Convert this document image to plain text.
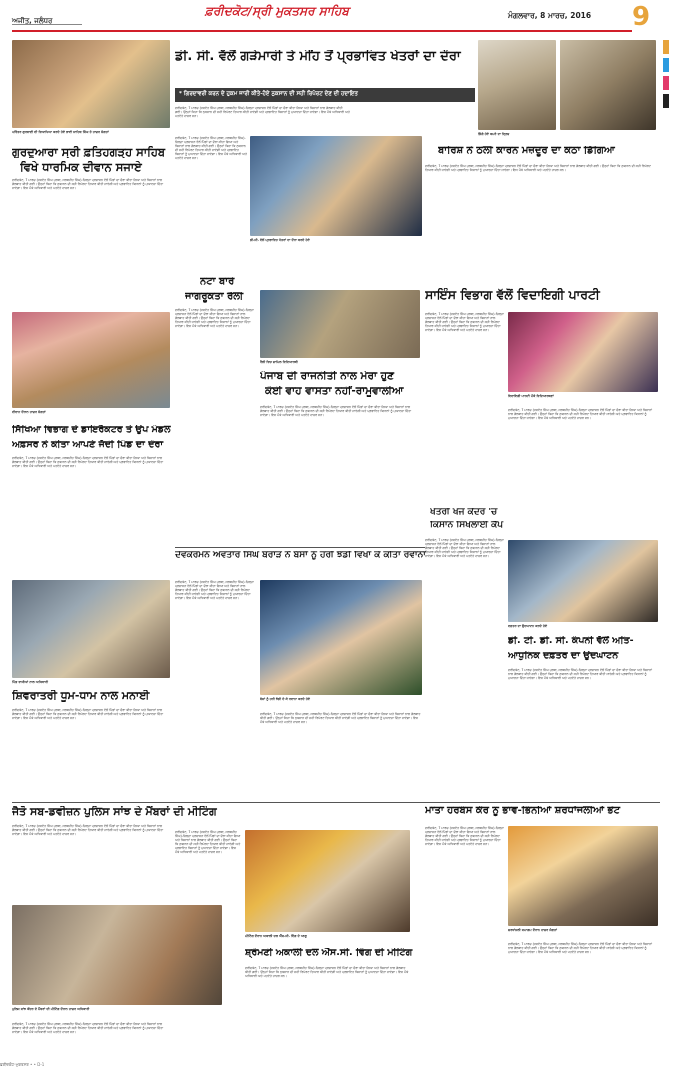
ਅਜੀਤ, ਜਲੰਧਰ
ਫ਼ਰੀਦਕੋਟ/ਸ੍ਰੀ ਮੁਕਤਸਰ ਸਾਹਿਬ	ਮੰਗਲਵਾਰ, 8 ਮਾਰਚ, 2016 9
ਪਵਿੱਤਰ ਗੁਰਬਾਣੀ ਦੀ ਵਿਆਖਿਆ ਕਰਦੇ ਹੋਏ ਭਾਈ ਸਾਹਿਬ ਸਿੰਘ ਤੇ ਹਾਜ਼ਰ ਸੰਗਤਾਂ
ਗੁਰਦੁਆਰਾ ਸ੍ਰੀ ਫ਼ਤਿਹਗੜ੍ਹ ਸਾਹਿਬ
ਵਿਖੇ ਧਾਰਮਿਕ ਦੀਵਾਨ ਸਜਾਏ

ਫ਼ਰੀਦਕੋਟ, 7 ਮਾਰਚ (ਜਸਵੰਤ ਸਿੰਘ ਪੁਰਬਾ, ਸਰਬਜੀਤ ਸਿੰਘ)-ਜ਼ਿਲ੍ਹਾ ਪ੍ਰਸ਼ਾਸਨ ਵੱਲੋਂ ਪਿੰਡਾਂ ਦਾ ਦੌਰਾ ਕੀਤਾ ਗਿਆ ਅਤੇ ਕਿਸਾਨਾਂ ਨਾਲ ਗੱਲਬਾਤ ਕੀਤੀ ਗਈ। ਉਨ੍ਹਾਂ ਕਿਹਾ ਕਿ ਨੁਕਸਾਨ ਦੀ ਸਹੀ ਰਿਪੋਰਟ ਤਿਆਰ ਕੀਤੀ ਜਾਵੇਗੀ ਅਤੇ ਪ੍ਰਭਾਵਿਤ ਕਿਸਾਨਾਂ ਨੂੰ ਮੁਆਵਜ਼ਾ ਦਿੱਤਾ ਜਾਵੇਗਾ। ਇਸ ਮੌਕੇ ਅਧਿਕਾਰੀ ਅਤੇ ਪਤਵੰਤੇ ਹਾਜ਼ਰ ਸਨ।

ਦੀਵਾਨ ਦੌਰਾਨ ਹਾਜ਼ਰ ਸੰਗਤਾਂ
ਸਿੱਖਿਆ ਵਿਭਾਗ ਦੇ ਡਾਇਰੈਕਟਰ ਤੇ ਉਪ ਮੰਡਲ
ਅਫ਼ਸਰ ਨੇ ਕੀਤਾ ਆਪਣੇ ਜੱਦੀ ਪਿੰਡ ਦਾ ਦੌਰਾ

ਫ਼ਰੀਦਕੋਟ, 7 ਮਾਰਚ (ਜਸਵੰਤ ਸਿੰਘ ਪੁਰਬਾ, ਸਰਬਜੀਤ ਸਿੰਘ)-ਜ਼ਿਲ੍ਹਾ ਪ੍ਰਸ਼ਾਸਨ ਵੱਲੋਂ ਪਿੰਡਾਂ ਦਾ ਦੌਰਾ ਕੀਤਾ ਗਿਆ ਅਤੇ ਕਿਸਾਨਾਂ ਨਾਲ ਗੱਲਬਾਤ ਕੀਤੀ ਗਈ। ਉਨ੍ਹਾਂ ਕਿਹਾ ਕਿ ਨੁਕਸਾਨ ਦੀ ਸਹੀ ਰਿਪੋਰਟ ਤਿਆਰ ਕੀਤੀ ਜਾਵੇਗੀ ਅਤੇ ਪ੍ਰਭਾਵਿਤ ਕਿਸਾਨਾਂ ਨੂੰ ਮੁਆਵਜ਼ਾ ਦਿੱਤਾ ਜਾਵੇਗਾ। ਇਸ ਮੌਕੇ ਅਧਿਕਾਰੀ ਅਤੇ ਪਤਵੰਤੇ ਹਾਜ਼ਰ ਸਨ।

ਪਿੰਡ ਵਾਸੀਆਂ ਨਾਲ ਅਧਿਕਾਰੀ
ਸ਼ਿਵਰਾਤਰੀ ਧੂਮ-ਧਾਮ ਨਾਲ ਮਨਾਈ

ਫ਼ਰੀਦਕੋਟ, 7 ਮਾਰਚ (ਜਸਵੰਤ ਸਿੰਘ ਪੁਰਬਾ, ਸਰਬਜੀਤ ਸਿੰਘ)-ਜ਼ਿਲ੍ਹਾ ਪ੍ਰਸ਼ਾਸਨ ਵੱਲੋਂ ਪਿੰਡਾਂ ਦਾ ਦੌਰਾ ਕੀਤਾ ਗਿਆ ਅਤੇ ਕਿਸਾਨਾਂ ਨਾਲ ਗੱਲਬਾਤ ਕੀਤੀ ਗਈ। ਉਨ੍ਹਾਂ ਕਿਹਾ ਕਿ ਨੁਕਸਾਨ ਦੀ ਸਹੀ ਰਿਪੋਰਟ ਤਿਆਰ ਕੀਤੀ ਜਾਵੇਗੀ ਅਤੇ ਪ੍ਰਭਾਵਿਤ ਕਿਸਾਨਾਂ ਨੂੰ ਮੁਆਵਜ਼ਾ ਦਿੱਤਾ ਜਾਵੇਗਾ। ਇਸ ਮੌਕੇ ਅਧਿਕਾਰੀ ਅਤੇ ਪਤਵੰਤੇ ਹਾਜ਼ਰ ਸਨ।

ਜੈਤੋ ਸਬ-ਡਵੀਜ਼ਨ ਪੁਲਿਸ ਸਾਂਝ ਦੇ ਮੈਂਬਰਾਂ ਦੀ ਮੀਟਿੰਗ

ਫ਼ਰੀਦਕੋਟ, 7 ਮਾਰਚ (ਜਸਵੰਤ ਸਿੰਘ ਪੁਰਬਾ, ਸਰਬਜੀਤ ਸਿੰਘ)-ਜ਼ਿਲ੍ਹਾ ਪ੍ਰਸ਼ਾਸਨ ਵੱਲੋਂ ਪਿੰਡਾਂ ਦਾ ਦੌਰਾ ਕੀਤਾ ਗਿਆ ਅਤੇ ਕਿਸਾਨਾਂ ਨਾਲ ਗੱਲਬਾਤ ਕੀਤੀ ਗਈ। ਉਨ੍ਹਾਂ ਕਿਹਾ ਕਿ ਨੁਕਸਾਨ ਦੀ ਸਹੀ ਰਿਪੋਰਟ ਤਿਆਰ ਕੀਤੀ ਜਾਵੇਗੀ ਅਤੇ ਪ੍ਰਭਾਵਿਤ ਕਿਸਾਨਾਂ ਨੂੰ ਮੁਆਵਜ਼ਾ ਦਿੱਤਾ ਜਾਵੇਗਾ। ਇਸ ਮੌਕੇ ਅਧਿਕਾਰੀ ਅਤੇ ਪਤਵੰਤੇ ਹਾਜ਼ਰ ਸਨ।

ਪੁਲਿਸ ਸਾਂਝ ਕੇਂਦਰ ਦੇ ਮੈਂਬਰਾਂ ਦੀ ਮੀਟਿੰਗ ਦੌਰਾਨ ਹਾਜ਼ਰ ਅਧਿਕਾਰੀ

ਫ਼ਰੀਦਕੋਟ, 7 ਮਾਰਚ (ਜਸਵੰਤ ਸਿੰਘ ਪੁਰਬਾ, ਸਰਬਜੀਤ ਸਿੰਘ)-ਜ਼ਿਲ੍ਹਾ ਪ੍ਰਸ਼ਾਸਨ ਵੱਲੋਂ ਪਿੰਡਾਂ ਦਾ ਦੌਰਾ ਕੀਤਾ ਗਿਆ ਅਤੇ ਕਿਸਾਨਾਂ ਨਾਲ ਗੱਲਬਾਤ ਕੀਤੀ ਗਈ। ਉਨ੍ਹਾਂ ਕਿਹਾ ਕਿ ਨੁਕਸਾਨ ਦੀ ਸਹੀ ਰਿਪੋਰਟ ਤਿਆਰ ਕੀਤੀ ਜਾਵੇਗੀ ਅਤੇ ਪ੍ਰਭਾਵਿਤ ਕਿਸਾਨਾਂ ਨੂੰ ਮੁਆਵਜ਼ਾ ਦਿੱਤਾ ਜਾਵੇਗਾ। ਇਸ ਮੌਕੇ ਅਧਿਕਾਰੀ ਅਤੇ ਪਤਵੰਤੇ ਹਾਜ਼ਰ ਸਨ।

ਡੀ. ਸੀ. ਵੱਲੋਂ ਗੜੇਮਾਰੀ ਤੇ ਮੀਂਹ ਤੋਂ ਪ੍ਰਭਾਵਿਤ ਖੇਤਰਾਂ ਦਾ ਦੌਰਾ
* ਗਿਰਦਾਵਰੀ ਕਰਨ ਦੇ ਹੁਕਮ ਜਾਰੀ ਕੀਤੇ-ਹੋਏ ਨੁਕਸਾਨ ਦੀ ਸਹੀ ਰਿਪੋਰਟ ਦੇਣ ਦੀ ਹਦਾਇਤ

ਫ਼ਰੀਦਕੋਟ, 7 ਮਾਰਚ (ਜਸਵੰਤ ਸਿੰਘ ਪੁਰਬਾ, ਸਰਬਜੀਤ ਸਿੰਘ)-ਜ਼ਿਲ੍ਹਾ ਪ੍ਰਸ਼ਾਸਨ ਵੱਲੋਂ ਪਿੰਡਾਂ ਦਾ ਦੌਰਾ ਕੀਤਾ ਗਿਆ ਅਤੇ ਕਿਸਾਨਾਂ ਨਾਲ ਗੱਲਬਾਤ ਕੀਤੀ ਗਈ। ਉਨ੍ਹਾਂ ਕਿਹਾ ਕਿ ਨੁਕਸਾਨ ਦੀ ਸਹੀ ਰਿਪੋਰਟ ਤਿਆਰ ਕੀਤੀ ਜਾਵੇਗੀ ਅਤੇ ਪ੍ਰਭਾਵਿਤ ਕਿਸਾਨਾਂ ਨੂੰ ਮੁਆਵਜ਼ਾ ਦਿੱਤਾ ਜਾਵੇਗਾ। ਇਸ ਮੌਕੇ ਅਧਿਕਾਰੀ ਅਤੇ ਪਤਵੰਤੇ ਹਾਜ਼ਰ ਸਨ।

ਫ਼ਰੀਦਕੋਟ, 7 ਮਾਰਚ (ਜਸਵੰਤ ਸਿੰਘ ਪੁਰਬਾ, ਸਰਬਜੀਤ ਸਿੰਘ)-ਜ਼ਿਲ੍ਹਾ ਪ੍ਰਸ਼ਾਸਨ ਵੱਲੋਂ ਪਿੰਡਾਂ ਦਾ ਦੌਰਾ ਕੀਤਾ ਗਿਆ ਅਤੇ ਕਿਸਾਨਾਂ ਨਾਲ ਗੱਲਬਾਤ ਕੀਤੀ ਗਈ। ਉਨ੍ਹਾਂ ਕਿਹਾ ਕਿ ਨੁਕਸਾਨ ਦੀ ਸਹੀ ਰਿਪੋਰਟ ਤਿਆਰ ਕੀਤੀ ਜਾਵੇਗੀ ਅਤੇ ਪ੍ਰਭਾਵਿਤ ਕਿਸਾਨਾਂ ਨੂੰ ਮੁਆਵਜ਼ਾ ਦਿੱਤਾ ਜਾਵੇਗਾ। ਇਸ ਮੌਕੇ ਅਧਿਕਾਰੀ ਅਤੇ ਪਤਵੰਤੇ ਹਾਜ਼ਰ ਸਨ।

ਡੀ.ਸੀ. ਵੱਲੋਂ ਪ੍ਰਭਾਵਿਤ ਖੇਤਰਾਂ ਦਾ ਦੌਰਾ ਕਰਦੇ ਹੋਏ
ਨੋਟਾ ਬਾਰੇ
ਜਾਗਰੂਕਤਾ ਰੈਲੀ

ਫ਼ਰੀਦਕੋਟ, 7 ਮਾਰਚ (ਜਸਵੰਤ ਸਿੰਘ ਪੁਰਬਾ, ਸਰਬਜੀਤ ਸਿੰਘ)-ਜ਼ਿਲ੍ਹਾ ਪ੍ਰਸ਼ਾਸਨ ਵੱਲੋਂ ਪਿੰਡਾਂ ਦਾ ਦੌਰਾ ਕੀਤਾ ਗਿਆ ਅਤੇ ਕਿਸਾਨਾਂ ਨਾਲ ਗੱਲਬਾਤ ਕੀਤੀ ਗਈ। ਉਨ੍ਹਾਂ ਕਿਹਾ ਕਿ ਨੁਕਸਾਨ ਦੀ ਸਹੀ ਰਿਪੋਰਟ ਤਿਆਰ ਕੀਤੀ ਜਾਵੇਗੀ ਅਤੇ ਪ੍ਰਭਾਵਿਤ ਕਿਸਾਨਾਂ ਨੂੰ ਮੁਆਵਜ਼ਾ ਦਿੱਤਾ ਜਾਵੇਗਾ। ਇਸ ਮੌਕੇ ਅਧਿਕਾਰੀ ਅਤੇ ਪਤਵੰਤੇ ਹਾਜ਼ਰ ਸਨ।

ਰੈਲੀ ਵਿਚ ਸ਼ਾਮਿਲ ਵਿਦਿਆਰਥੀ
ਪੰਜਾਬ ਦੀ ਰਾਜਨੀਤੀ ਨਾਲ ਮੇਰਾ ਹੁਣ
ਕੋਈ ਵਾਹ ਵਾਸਤਾ ਨਹੀਂ-ਰਾਮੂਵਾਲੀਆ

ਫ਼ਰੀਦਕੋਟ, 7 ਮਾਰਚ (ਜਸਵੰਤ ਸਿੰਘ ਪੁਰਬਾ, ਸਰਬਜੀਤ ਸਿੰਘ)-ਜ਼ਿਲ੍ਹਾ ਪ੍ਰਸ਼ਾਸਨ ਵੱਲੋਂ ਪਿੰਡਾਂ ਦਾ ਦੌਰਾ ਕੀਤਾ ਗਿਆ ਅਤੇ ਕਿਸਾਨਾਂ ਨਾਲ ਗੱਲਬਾਤ ਕੀਤੀ ਗਈ। ਉਨ੍ਹਾਂ ਕਿਹਾ ਕਿ ਨੁਕਸਾਨ ਦੀ ਸਹੀ ਰਿਪੋਰਟ ਤਿਆਰ ਕੀਤੀ ਜਾਵੇਗੀ ਅਤੇ ਪ੍ਰਭਾਵਿਤ ਕਿਸਾਨਾਂ ਨੂੰ ਮੁਆਵਜ਼ਾ ਦਿੱਤਾ ਜਾਵੇਗਾ। ਇਸ ਮੌਕੇ ਅਧਿਕਾਰੀ ਅਤੇ ਪਤਵੰਤੇ ਹਾਜ਼ਰ ਸਨ।

ਦੇਵਕਰਮਨ ਅਵਤਾਰ ਸਿੰਘ ਬਰਾੜ ਨੇ ਬੱਸਾਂ ਨੂੰ ਹਰੀ ਝੰਡੀ ਵਿਖਾ ਕੇ ਕੀਤਾ ਰਵਾਨਾ

ਫ਼ਰੀਦਕੋਟ, 7 ਮਾਰਚ (ਜਸਵੰਤ ਸਿੰਘ ਪੁਰਬਾ, ਸਰਬਜੀਤ ਸਿੰਘ)-ਜ਼ਿਲ੍ਹਾ ਪ੍ਰਸ਼ਾਸਨ ਵੱਲੋਂ ਪਿੰਡਾਂ ਦਾ ਦੌਰਾ ਕੀਤਾ ਗਿਆ ਅਤੇ ਕਿਸਾਨਾਂ ਨਾਲ ਗੱਲਬਾਤ ਕੀਤੀ ਗਈ। ਉਨ੍ਹਾਂ ਕਿਹਾ ਕਿ ਨੁਕਸਾਨ ਦੀ ਸਹੀ ਰਿਪੋਰਟ ਤਿਆਰ ਕੀਤੀ ਜਾਵੇਗੀ ਅਤੇ ਪ੍ਰਭਾਵਿਤ ਕਿਸਾਨਾਂ ਨੂੰ ਮੁਆਵਜ਼ਾ ਦਿੱਤਾ ਜਾਵੇਗਾ। ਇਸ ਮੌਕੇ ਅਧਿਕਾਰੀ ਅਤੇ ਪਤਵੰਤੇ ਹਾਜ਼ਰ ਸਨ।

ਬੱਸਾਂ ਨੂੰ ਹਰੀ ਝੰਡੀ ਦੇ ਕੇ ਰਵਾਨਾ ਕਰਦੇ ਹੋਏ

ਫ਼ਰੀਦਕੋਟ, 7 ਮਾਰਚ (ਜਸਵੰਤ ਸਿੰਘ ਪੁਰਬਾ, ਸਰਬਜੀਤ ਸਿੰਘ)-ਜ਼ਿਲ੍ਹਾ ਪ੍ਰਸ਼ਾਸਨ ਵੱਲੋਂ ਪਿੰਡਾਂ ਦਾ ਦੌਰਾ ਕੀਤਾ ਗਿਆ ਅਤੇ ਕਿਸਾਨਾਂ ਨਾਲ ਗੱਲਬਾਤ ਕੀਤੀ ਗਈ। ਉਨ੍ਹਾਂ ਕਿਹਾ ਕਿ ਨੁਕਸਾਨ ਦੀ ਸਹੀ ਰਿਪੋਰਟ ਤਿਆਰ ਕੀਤੀ ਜਾਵੇਗੀ ਅਤੇ ਪ੍ਰਭਾਵਿਤ ਕਿਸਾਨਾਂ ਨੂੰ ਮੁਆਵਜ਼ਾ ਦਿੱਤਾ ਜਾਵੇਗਾ। ਇਸ ਮੌਕੇ ਅਧਿਕਾਰੀ ਅਤੇ ਪਤਵੰਤੇ ਹਾਜ਼ਰ ਸਨ।

ਮੀਟਿੰਗ ਦੌਰਾਨ ਅਕਾਲੀ ਦਲ ਐੱਸ.ਸੀ. ਵਿੰਗ ਦੇ ਆਗੂ
ਸ਼੍ਰੋਮਣੀ ਅਕਾਲੀ ਦਲ ਐੱਸ.ਸੀ. ਵਿੰਗ ਦੀ ਮੀਟਿੰਗ

ਫ਼ਰੀਦਕੋਟ, 7 ਮਾਰਚ (ਜਸਵੰਤ ਸਿੰਘ ਪੁਰਬਾ, ਸਰਬਜੀਤ ਸਿੰਘ)-ਜ਼ਿਲ੍ਹਾ ਪ੍ਰਸ਼ਾਸਨ ਵੱਲੋਂ ਪਿੰਡਾਂ ਦਾ ਦੌਰਾ ਕੀਤਾ ਗਿਆ ਅਤੇ ਕਿਸਾਨਾਂ ਨਾਲ ਗੱਲਬਾਤ ਕੀਤੀ ਗਈ। ਉਨ੍ਹਾਂ ਕਿਹਾ ਕਿ ਨੁਕਸਾਨ ਦੀ ਸਹੀ ਰਿਪੋਰਟ ਤਿਆਰ ਕੀਤੀ ਜਾਵੇਗੀ ਅਤੇ ਪ੍ਰਭਾਵਿਤ ਕਿਸਾਨਾਂ ਨੂੰ ਮੁਆਵਜ਼ਾ ਦਿੱਤਾ ਜਾਵੇਗਾ। ਇਸ ਮੌਕੇ ਅਧਿਕਾਰੀ ਅਤੇ ਪਤਵੰਤੇ ਹਾਜ਼ਰ ਸਨ।

ਫ਼ਰੀਦਕੋਟ, 7 ਮਾਰਚ (ਜਸਵੰਤ ਸਿੰਘ ਪੁਰਬਾ, ਸਰਬਜੀਤ ਸਿੰਘ)-ਜ਼ਿਲ੍ਹਾ ਪ੍ਰਸ਼ਾਸਨ ਵੱਲੋਂ ਪਿੰਡਾਂ ਦਾ ਦੌਰਾ ਕੀਤਾ ਗਿਆ ਅਤੇ ਕਿਸਾਨਾਂ ਨਾਲ ਗੱਲਬਾਤ ਕੀਤੀ ਗਈ। ਉਨ੍ਹਾਂ ਕਿਹਾ ਕਿ ਨੁਕਸਾਨ ਦੀ ਸਹੀ ਰਿਪੋਰਟ ਤਿਆਰ ਕੀਤੀ ਜਾਵੇਗੀ ਅਤੇ ਪ੍ਰਭਾਵਿਤ ਕਿਸਾਨਾਂ ਨੂੰ ਮੁਆਵਜ਼ਾ ਦਿੱਤਾ ਜਾਵੇਗਾ। ਇਸ ਮੌਕੇ ਅਧਿਕਾਰੀ ਅਤੇ ਪਤਵੰਤੇ ਹਾਜ਼ਰ ਸਨ।

ਡਿੱਗੇ ਹੋਏ ਕਮਰੇ ਦਾ ਦ੍ਰਿਸ਼
ਬਾਰਿਸ਼ ਨੇ ਠੋਲੀ ਕਾਰਨ ਮਜ਼ਦੂਰ ਦਾ ਕੋਠਾ ਡਿੱਗਿਆ

ਫ਼ਰੀਦਕੋਟ, 7 ਮਾਰਚ (ਜਸਵੰਤ ਸਿੰਘ ਪੁਰਬਾ, ਸਰਬਜੀਤ ਸਿੰਘ)-ਜ਼ਿਲ੍ਹਾ ਪ੍ਰਸ਼ਾਸਨ ਵੱਲੋਂ ਪਿੰਡਾਂ ਦਾ ਦੌਰਾ ਕੀਤਾ ਗਿਆ ਅਤੇ ਕਿਸਾਨਾਂ ਨਾਲ ਗੱਲਬਾਤ ਕੀਤੀ ਗਈ। ਉਨ੍ਹਾਂ ਕਿਹਾ ਕਿ ਨੁਕਸਾਨ ਦੀ ਸਹੀ ਰਿਪੋਰਟ ਤਿਆਰ ਕੀਤੀ ਜਾਵੇਗੀ ਅਤੇ ਪ੍ਰਭਾਵਿਤ ਕਿਸਾਨਾਂ ਨੂੰ ਮੁਆਵਜ਼ਾ ਦਿੱਤਾ ਜਾਵੇਗਾ। ਇਸ ਮੌਕੇ ਅਧਿਕਾਰੀ ਅਤੇ ਪਤਵੰਤੇ ਹਾਜ਼ਰ ਸਨ।

ਸਾਇੰਸ ਵਿਭਾਗ ਵੱਲੋਂ ਵਿਦਾਇਗੀ ਪਾਰਟੀ

ਫ਼ਰੀਦਕੋਟ, 7 ਮਾਰਚ (ਜਸਵੰਤ ਸਿੰਘ ਪੁਰਬਾ, ਸਰਬਜੀਤ ਸਿੰਘ)-ਜ਼ਿਲ੍ਹਾ ਪ੍ਰਸ਼ਾਸਨ ਵੱਲੋਂ ਪਿੰਡਾਂ ਦਾ ਦੌਰਾ ਕੀਤਾ ਗਿਆ ਅਤੇ ਕਿਸਾਨਾਂ ਨਾਲ ਗੱਲਬਾਤ ਕੀਤੀ ਗਈ। ਉਨ੍ਹਾਂ ਕਿਹਾ ਕਿ ਨੁਕਸਾਨ ਦੀ ਸਹੀ ਰਿਪੋਰਟ ਤਿਆਰ ਕੀਤੀ ਜਾਵੇਗੀ ਅਤੇ ਪ੍ਰਭਾਵਿਤ ਕਿਸਾਨਾਂ ਨੂੰ ਮੁਆਵਜ਼ਾ ਦਿੱਤਾ ਜਾਵੇਗਾ। ਇਸ ਮੌਕੇ ਅਧਿਕਾਰੀ ਅਤੇ ਪਤਵੰਤੇ ਹਾਜ਼ਰ ਸਨ।

ਵਿਦਾਇਗੀ ਪਾਰਟੀ ਮੌਕੇ ਵਿਦਿਆਰਥਣਾਂ

ਫ਼ਰੀਦਕੋਟ, 7 ਮਾਰਚ (ਜਸਵੰਤ ਸਿੰਘ ਪੁਰਬਾ, ਸਰਬਜੀਤ ਸਿੰਘ)-ਜ਼ਿਲ੍ਹਾ ਪ੍ਰਸ਼ਾਸਨ ਵੱਲੋਂ ਪਿੰਡਾਂ ਦਾ ਦੌਰਾ ਕੀਤਾ ਗਿਆ ਅਤੇ ਕਿਸਾਨਾਂ ਨਾਲ ਗੱਲਬਾਤ ਕੀਤੀ ਗਈ। ਉਨ੍ਹਾਂ ਕਿਹਾ ਕਿ ਨੁਕਸਾਨ ਦੀ ਸਹੀ ਰਿਪੋਰਟ ਤਿਆਰ ਕੀਤੀ ਜਾਵੇਗੀ ਅਤੇ ਪ੍ਰਭਾਵਿਤ ਕਿਸਾਨਾਂ ਨੂੰ ਮੁਆਵਜ਼ਾ ਦਿੱਤਾ ਜਾਵੇਗਾ। ਇਸ ਮੌਕੇ ਅਧਿਕਾਰੀ ਅਤੇ ਪਤਵੰਤੇ ਹਾਜ਼ਰ ਸਨ।

ਖੇਤਰੀ ਖੋਜ ਕੇਂਦਰ 'ਚ
ਕਿਸਾਨ ਸਿਖਲਾਈ ਕੈਂਪ

ਫ਼ਰੀਦਕੋਟ, 7 ਮਾਰਚ (ਜਸਵੰਤ ਸਿੰਘ ਪੁਰਬਾ, ਸਰਬਜੀਤ ਸਿੰਘ)-ਜ਼ਿਲ੍ਹਾ ਪ੍ਰਸ਼ਾਸਨ ਵੱਲੋਂ ਪਿੰਡਾਂ ਦਾ ਦੌਰਾ ਕੀਤਾ ਗਿਆ ਅਤੇ ਕਿਸਾਨਾਂ ਨਾਲ ਗੱਲਬਾਤ ਕੀਤੀ ਗਈ। ਉਨ੍ਹਾਂ ਕਿਹਾ ਕਿ ਨੁਕਸਾਨ ਦੀ ਸਹੀ ਰਿਪੋਰਟ ਤਿਆਰ ਕੀਤੀ ਜਾਵੇਗੀ ਅਤੇ ਪ੍ਰਭਾਵਿਤ ਕਿਸਾਨਾਂ ਨੂੰ ਮੁਆਵਜ਼ਾ ਦਿੱਤਾ ਜਾਵੇਗਾ। ਇਸ ਮੌਕੇ ਅਧਿਕਾਰੀ ਅਤੇ ਪਤਵੰਤੇ ਹਾਜ਼ਰ ਸਨ।

ਦਫ਼ਤਰ ਦਾ ਉਦਘਾਟਨ ਕਰਦੇ ਹੋਏ
ਡੀ. ਟੀ. ਡੀ. ਸੀ. ਕੰਪਨੀ ਵੱਲੋਂ ਅਤਿ-
ਆਧੁਨਿਕ ਦਫ਼ਤਰ ਦਾ ਉਦਘਾਟਨ

ਫ਼ਰੀਦਕੋਟ, 7 ਮਾਰਚ (ਜਸਵੰਤ ਸਿੰਘ ਪੁਰਬਾ, ਸਰਬਜੀਤ ਸਿੰਘ)-ਜ਼ਿਲ੍ਹਾ ਪ੍ਰਸ਼ਾਸਨ ਵੱਲੋਂ ਪਿੰਡਾਂ ਦਾ ਦੌਰਾ ਕੀਤਾ ਗਿਆ ਅਤੇ ਕਿਸਾਨਾਂ ਨਾਲ ਗੱਲਬਾਤ ਕੀਤੀ ਗਈ। ਉਨ੍ਹਾਂ ਕਿਹਾ ਕਿ ਨੁਕਸਾਨ ਦੀ ਸਹੀ ਰਿਪੋਰਟ ਤਿਆਰ ਕੀਤੀ ਜਾਵੇਗੀ ਅਤੇ ਪ੍ਰਭਾਵਿਤ ਕਿਸਾਨਾਂ ਨੂੰ ਮੁਆਵਜ਼ਾ ਦਿੱਤਾ ਜਾਵੇਗਾ। ਇਸ ਮੌਕੇ ਅਧਿਕਾਰੀ ਅਤੇ ਪਤਵੰਤੇ ਹਾਜ਼ਰ ਸਨ।

ਮਾਤਾ ਹਰਬੰਸ ਕੌਰ ਨੂੰ ਭਾਵ-ਭਿੰਨੀਆਂ ਸ਼ਰਧਾਂਜਲੀਆਂ ਭੇਟ

ਫ਼ਰੀਦਕੋਟ, 7 ਮਾਰਚ (ਜਸਵੰਤ ਸਿੰਘ ਪੁਰਬਾ, ਸਰਬਜੀਤ ਸਿੰਘ)-ਜ਼ਿਲ੍ਹਾ ਪ੍ਰਸ਼ਾਸਨ ਵੱਲੋਂ ਪਿੰਡਾਂ ਦਾ ਦੌਰਾ ਕੀਤਾ ਗਿਆ ਅਤੇ ਕਿਸਾਨਾਂ ਨਾਲ ਗੱਲਬਾਤ ਕੀਤੀ ਗਈ। ਉਨ੍ਹਾਂ ਕਿਹਾ ਕਿ ਨੁਕਸਾਨ ਦੀ ਸਹੀ ਰਿਪੋਰਟ ਤਿਆਰ ਕੀਤੀ ਜਾਵੇਗੀ ਅਤੇ ਪ੍ਰਭਾਵਿਤ ਕਿਸਾਨਾਂ ਨੂੰ ਮੁਆਵਜ਼ਾ ਦਿੱਤਾ ਜਾਵੇਗਾ। ਇਸ ਮੌਕੇ ਅਧਿਕਾਰੀ ਅਤੇ ਪਤਵੰਤੇ ਹਾਜ਼ਰ ਸਨ।

ਸ਼ਰਧਾਂਜਲੀ ਸਮਾਗਮ ਦੌਰਾਨ ਹਾਜ਼ਰ ਸੰਗਤਾਂ

ਫ਼ਰੀਦਕੋਟ, 7 ਮਾਰਚ (ਜਸਵੰਤ ਸਿੰਘ ਪੁਰਬਾ, ਸਰਬਜੀਤ ਸਿੰਘ)-ਜ਼ਿਲ੍ਹਾ ਪ੍ਰਸ਼ਾਸਨ ਵੱਲੋਂ ਪਿੰਡਾਂ ਦਾ ਦੌਰਾ ਕੀਤਾ ਗਿਆ ਅਤੇ ਕਿਸਾਨਾਂ ਨਾਲ ਗੱਲਬਾਤ ਕੀਤੀ ਗਈ। ਉਨ੍ਹਾਂ ਕਿਹਾ ਕਿ ਨੁਕਸਾਨ ਦੀ ਸਹੀ ਰਿਪੋਰਟ ਤਿਆਰ ਕੀਤੀ ਜਾਵੇਗੀ ਅਤੇ ਪ੍ਰਭਾਵਿਤ ਕਿਸਾਨਾਂ ਨੂੰ ਮੁਆਵਜ਼ਾ ਦਿੱਤਾ ਜਾਵੇਗਾ। ਇਸ ਮੌਕੇ ਅਧਿਕਾਰੀ ਅਤੇ ਪਤਵੰਤੇ ਹਾਜ਼ਰ ਸਨ।

ਫ਼ਰੀਦਕੋਟ-ਮੁਕਤਸਰ • • D-1
